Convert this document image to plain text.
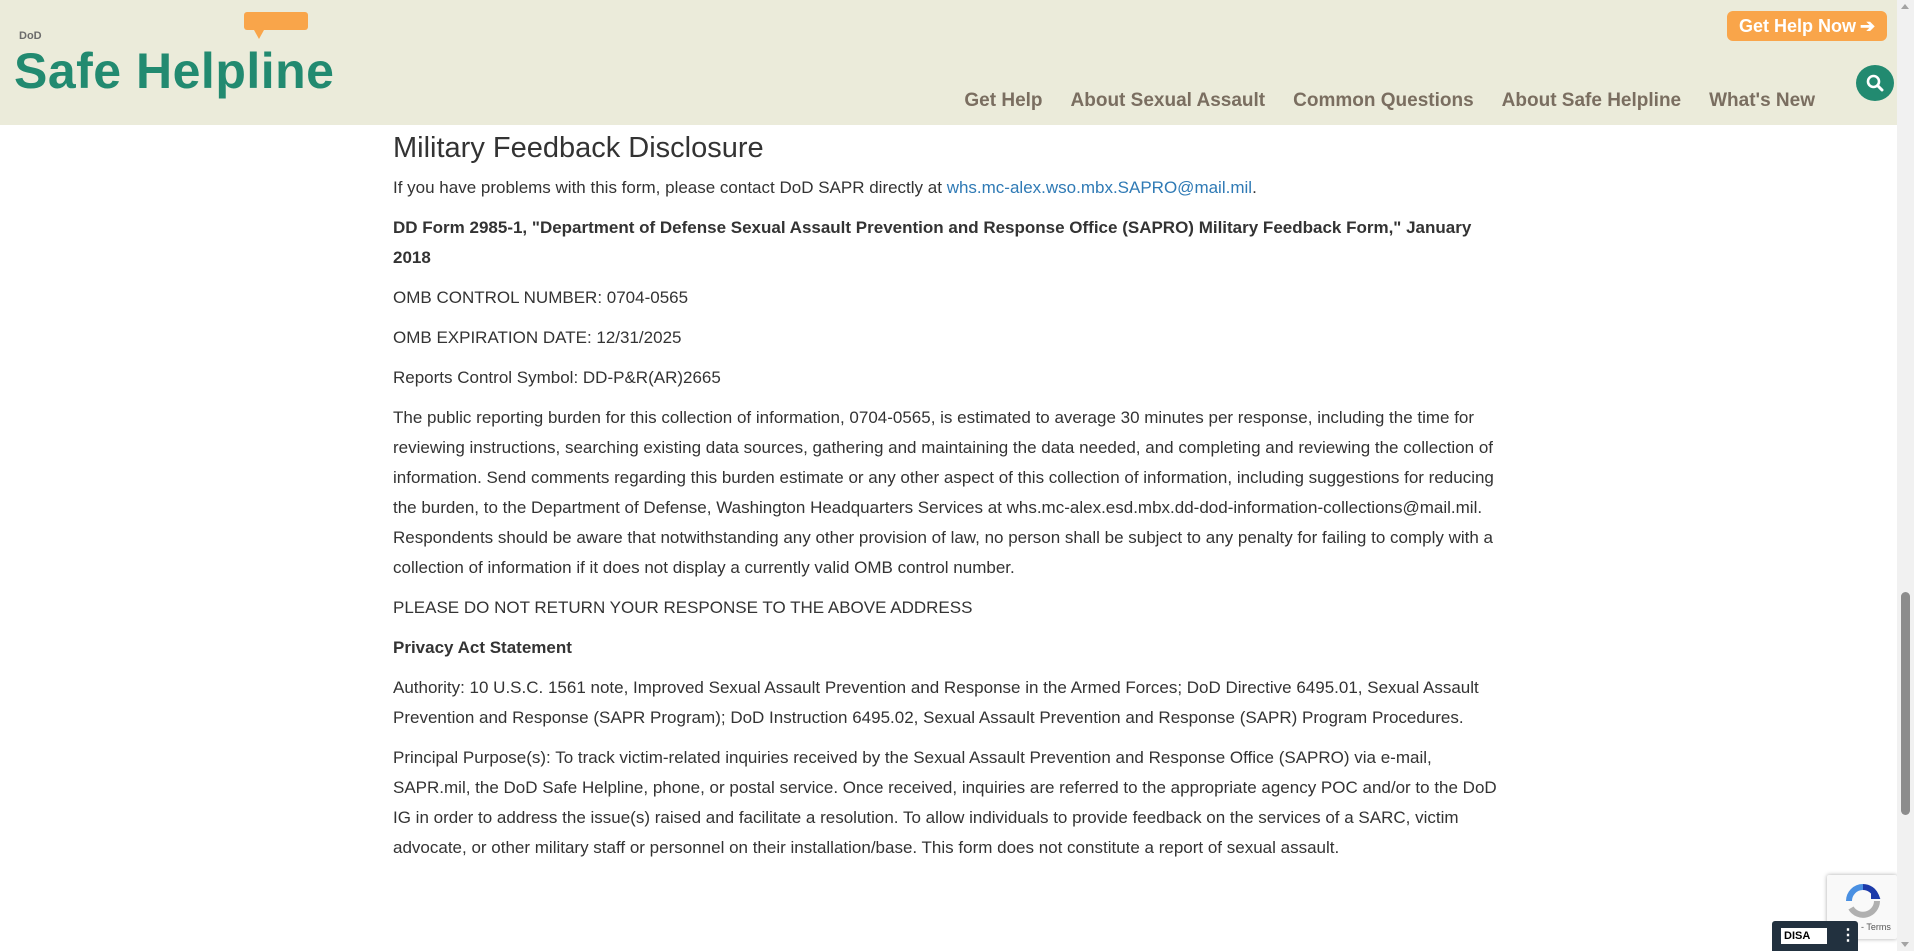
DoD
Safe Helpline
Get Help Now ➔
Get Help About Sexual Assault Common Questions About Safe Helpline What's New
Military Feedback Disclosure

If you have problems with this form, please contact DoD SAPR directly at whs.mc-alex.wso.mbx.SAPRO@mail.mil.

DD Form 2985-1, "Department of Defense Sexual Assault Prevention and Response Office (SAPRO) Military Feedback Form," January 2018

OMB CONTROL NUMBER: 0704-0565

OMB EXPIRATION DATE: 12/31/2025

Reports Control Symbol: DD-P&R(AR)2665

The public reporting burden for this collection of information, 0704-0565, is estimated to average 30 minutes per response, including the time for reviewing instructions, searching existing data sources, gathering and maintaining the data needed, and completing and reviewing the collection of information. Send comments regarding this burden estimate or any other aspect of this collection of information, including suggestions for reducing the burden, to the Department of Defense, Washington Headquarters Services at whs.mc-alex.esd.mbx.dd-dod-information-collections@mail.mil. Respondents should be aware that notwithstanding any other provision of law, no person shall be subject to any penalty for failing to comply with a collection of information if it does not display a currently valid OMB control number.

PLEASE DO NOT RETURN YOUR RESPONSE TO THE ABOVE ADDRESS

Privacy Act Statement

Authority: 10 U.S.C. 1561 note, Improved Sexual Assault Prevention and Response in the Armed Forces; DoD Directive 6495.01, Sexual Assault Prevention and Response (SAPR Program); DoD Instruction 6495.02, Sexual Assault Prevention and Response (SAPR) Program Procedures.

Principal Purpose(s): To track victim-related inquiries received by the Sexual Assault Prevention and Response Office (SAPRO) via e-mail, SAPR.mil, the DoD Safe Helpline, phone, or postal service. Once received, inquiries are referred to the appropriate agency POC and/or to the DoD IG in order to address the issue(s) raised and facilitate a resolution. To allow individuals to provide feedback on the services of a SARC, victim advocate, or other military staff or personnel on their installation/base. This form does not constitute a report of sexual assault.

- Terms
DISA	⋮
